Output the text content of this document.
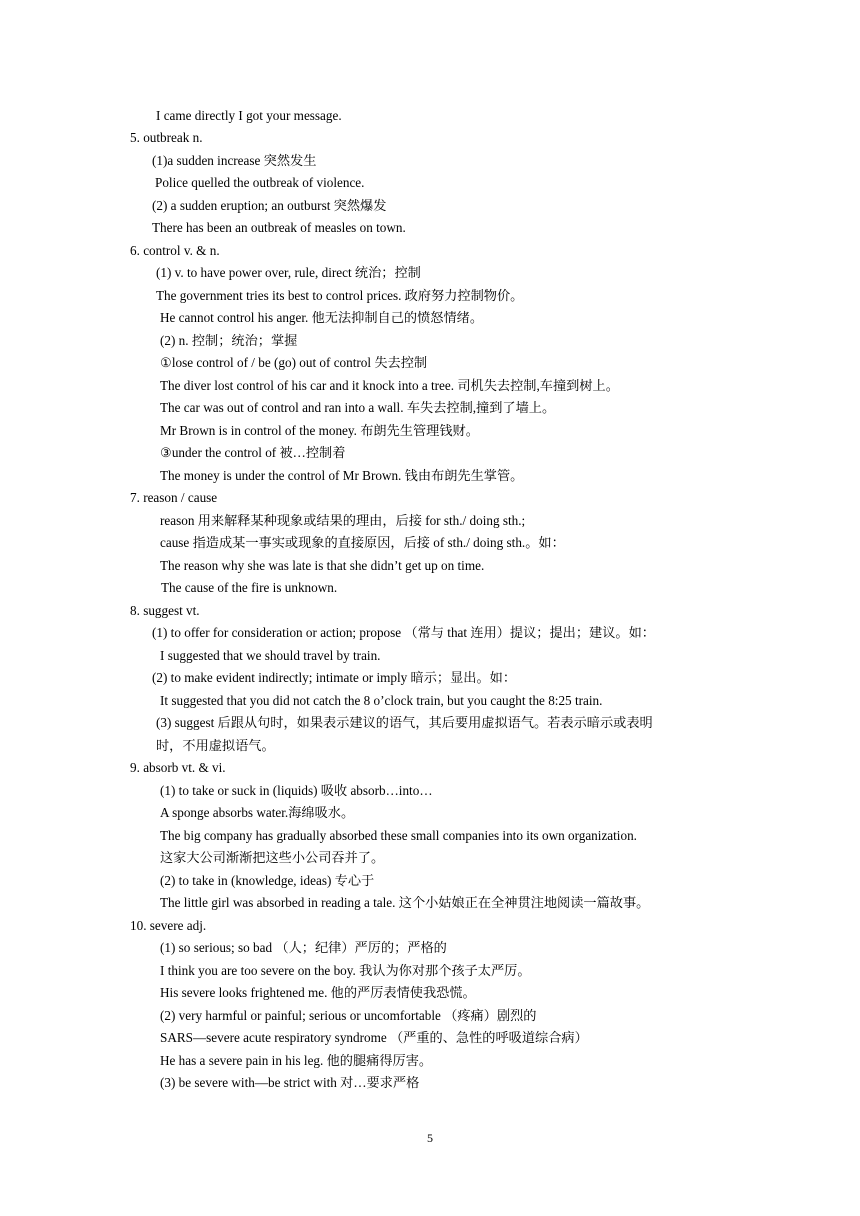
I came directly I got your message.
5. outbreak n.
(1)a sudden increase 突然发生
Police quelled the outbreak of violence.
(2) a sudden eruption; an outburst 突然爆发
There has been an outbreak of measles on town.
6. control v. & n.
(1) v. to have power over, rule, direct 统治；控制
The government tries its best to control prices. 政府努力控制物价。
He cannot control his anger. 他无法抑制自己的愤怒情绪。
(2) n. 控制；统治；掌握
①lose control of / be (go) out of control 失去控制
The diver lost control of his car and it knock into a tree. 司机失去控制,车撞到树上。
The car was out of control and ran into a wall. 车失去控制,撞到了墙上。
Mr Brown is in control of the money. 布朗先生管理钱财。
③under the control of 被…控制着
The money is under the control of Mr Brown. 钱由布朗先生掌管。
7. reason / cause
reason 用来解释某种现象或结果的理由，后接 for sth./ doing sth.;
cause 指造成某一事实或现象的直接原因，后接 of sth./ doing sth.。如：
The reason why she was late is that she didn’t get up on time.
The cause of the fire is unknown.
8. suggest vt.
(1) to offer for consideration or action; propose （常与 that 连用）提议；提出；建议。如：
I suggested that we should travel by train.
(2) to make evident indirectly; intimate or imply 暗示；显出。如：
It suggested that you did not catch the 8 o’clock train, but you caught the 8:25 train.
(3) suggest 后跟从句时，如果表示建议的语气，其后要用虚拟语气。若表示暗示或表明
时，不用虚拟语气。
9. absorb vt. & vi.
(1) to take or suck in (liquids) 吸收 absorb…into…
A sponge absorbs water.海绵吸水。
The big company has gradually absorbed these small companies into its own organization.
这家大公司渐渐把这些小公司吞并了。
(2) to take in (knowledge, ideas) 专心于
The little girl was absorbed in reading a tale. 这个小姑娘正在全神贯注地阅读一篇故事。
10. severe adj.
(1) so serious; so bad （人；纪律）严厉的；严格的
I think you are too severe on the boy. 我认为你对那个孩子太严厉。
His severe looks frightened me. 他的严厉表情使我恐慌。
(2) very harmful or painful; serious or uncomfortable （疼痛）剧烈的
SARS—severe acute respiratory syndrome （严重的、急性的呼吸道综合病）
He has a severe pain in his leg. 他的腿痛得厉害。
(3) be severe with—be strict with 对…要求严格
5
